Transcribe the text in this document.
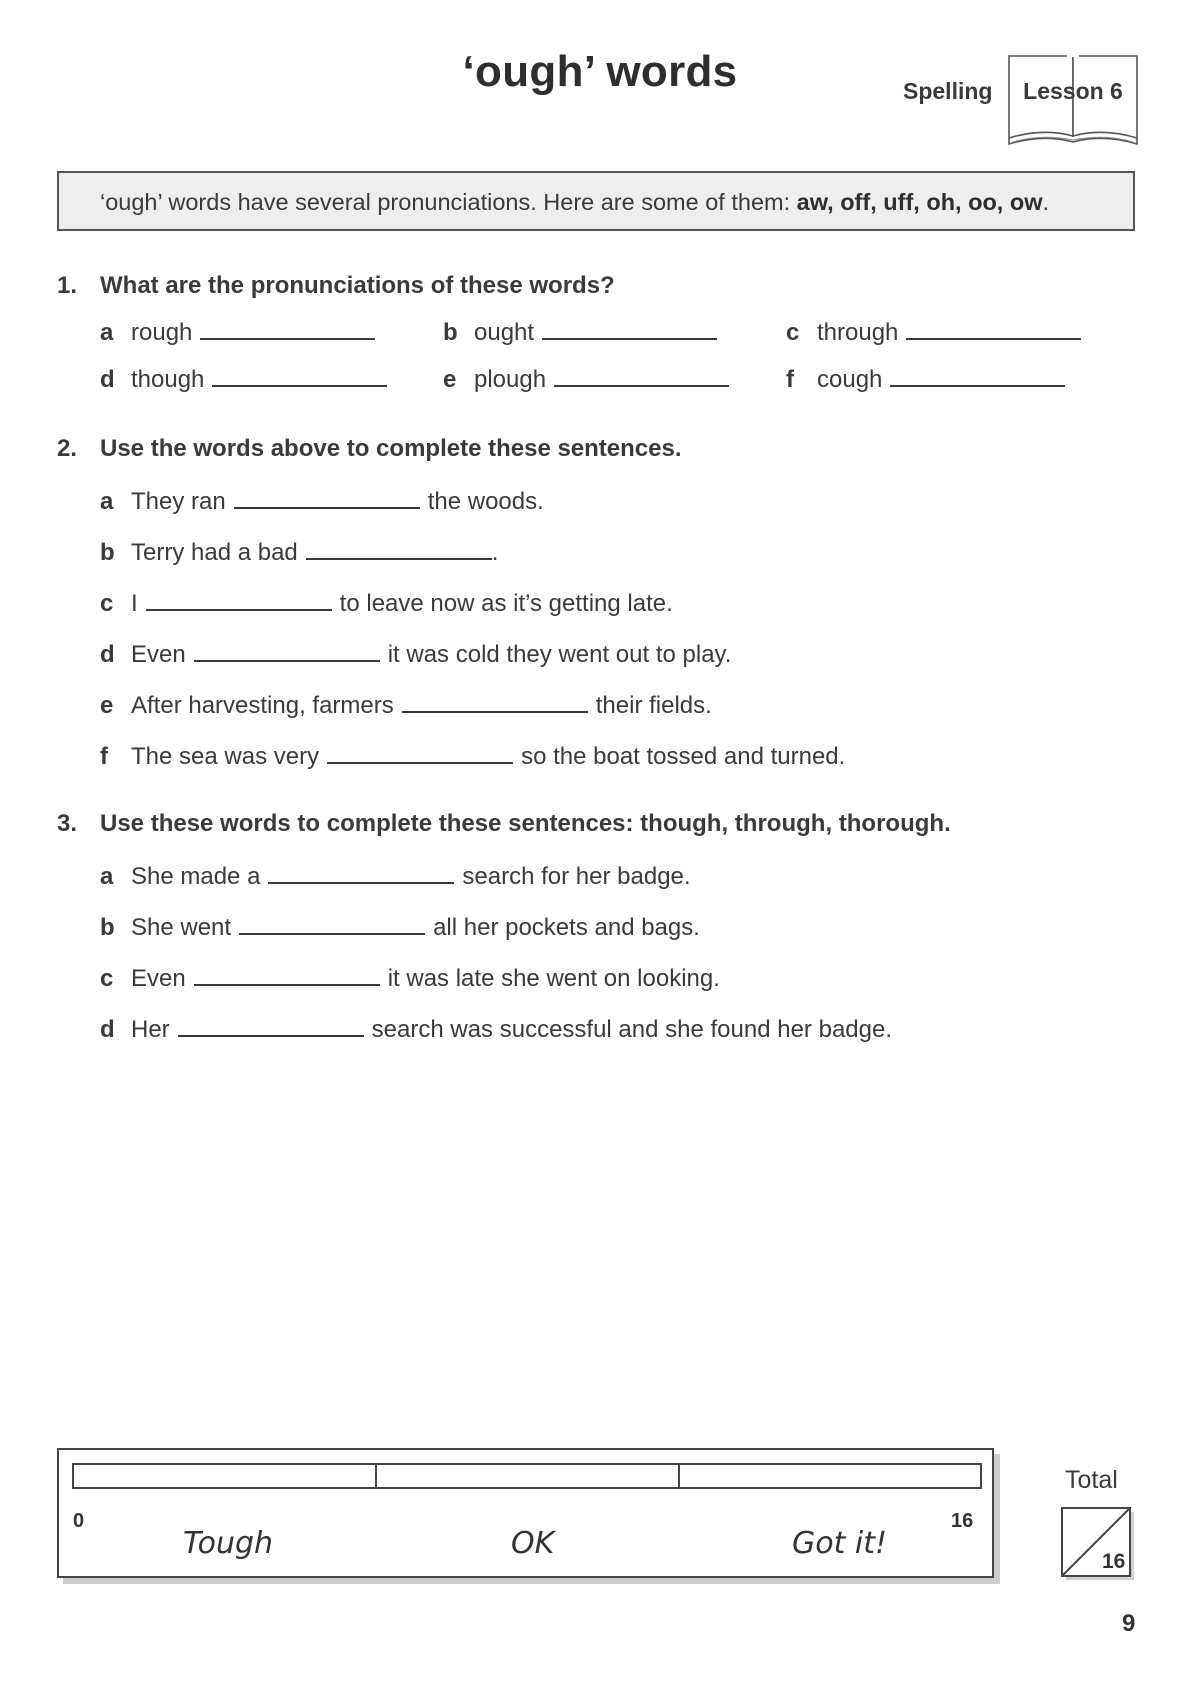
‘ough’ words	Spelling	Lesson 6
‘ough’ words have several pronunciations. Here are some of them: aw, off, uff, oh, oo, ow.
1. What are the pronunciations of these words?
a rough	b ought	c through
d though	e plough	f cough
2. Use the words above to complete these sentences.
a They ran	the woods.
b Terry had a bad	.
c I	to leave now as it’s getting late.
d Even	it was cold they went out to play.
e After harvesting, farmers	their fields.
f The sea was very	so the boat tossed and turned.
3. Use these words to complete these sentences: though, through, thorough.
a She made a	search for her badge.
b She went	all her pockets and bags.
c Even	it was late she went on looking.
d Her	search was successful and she found her badge.
0	16
Tough	OK	Got it!
Total
16
9
